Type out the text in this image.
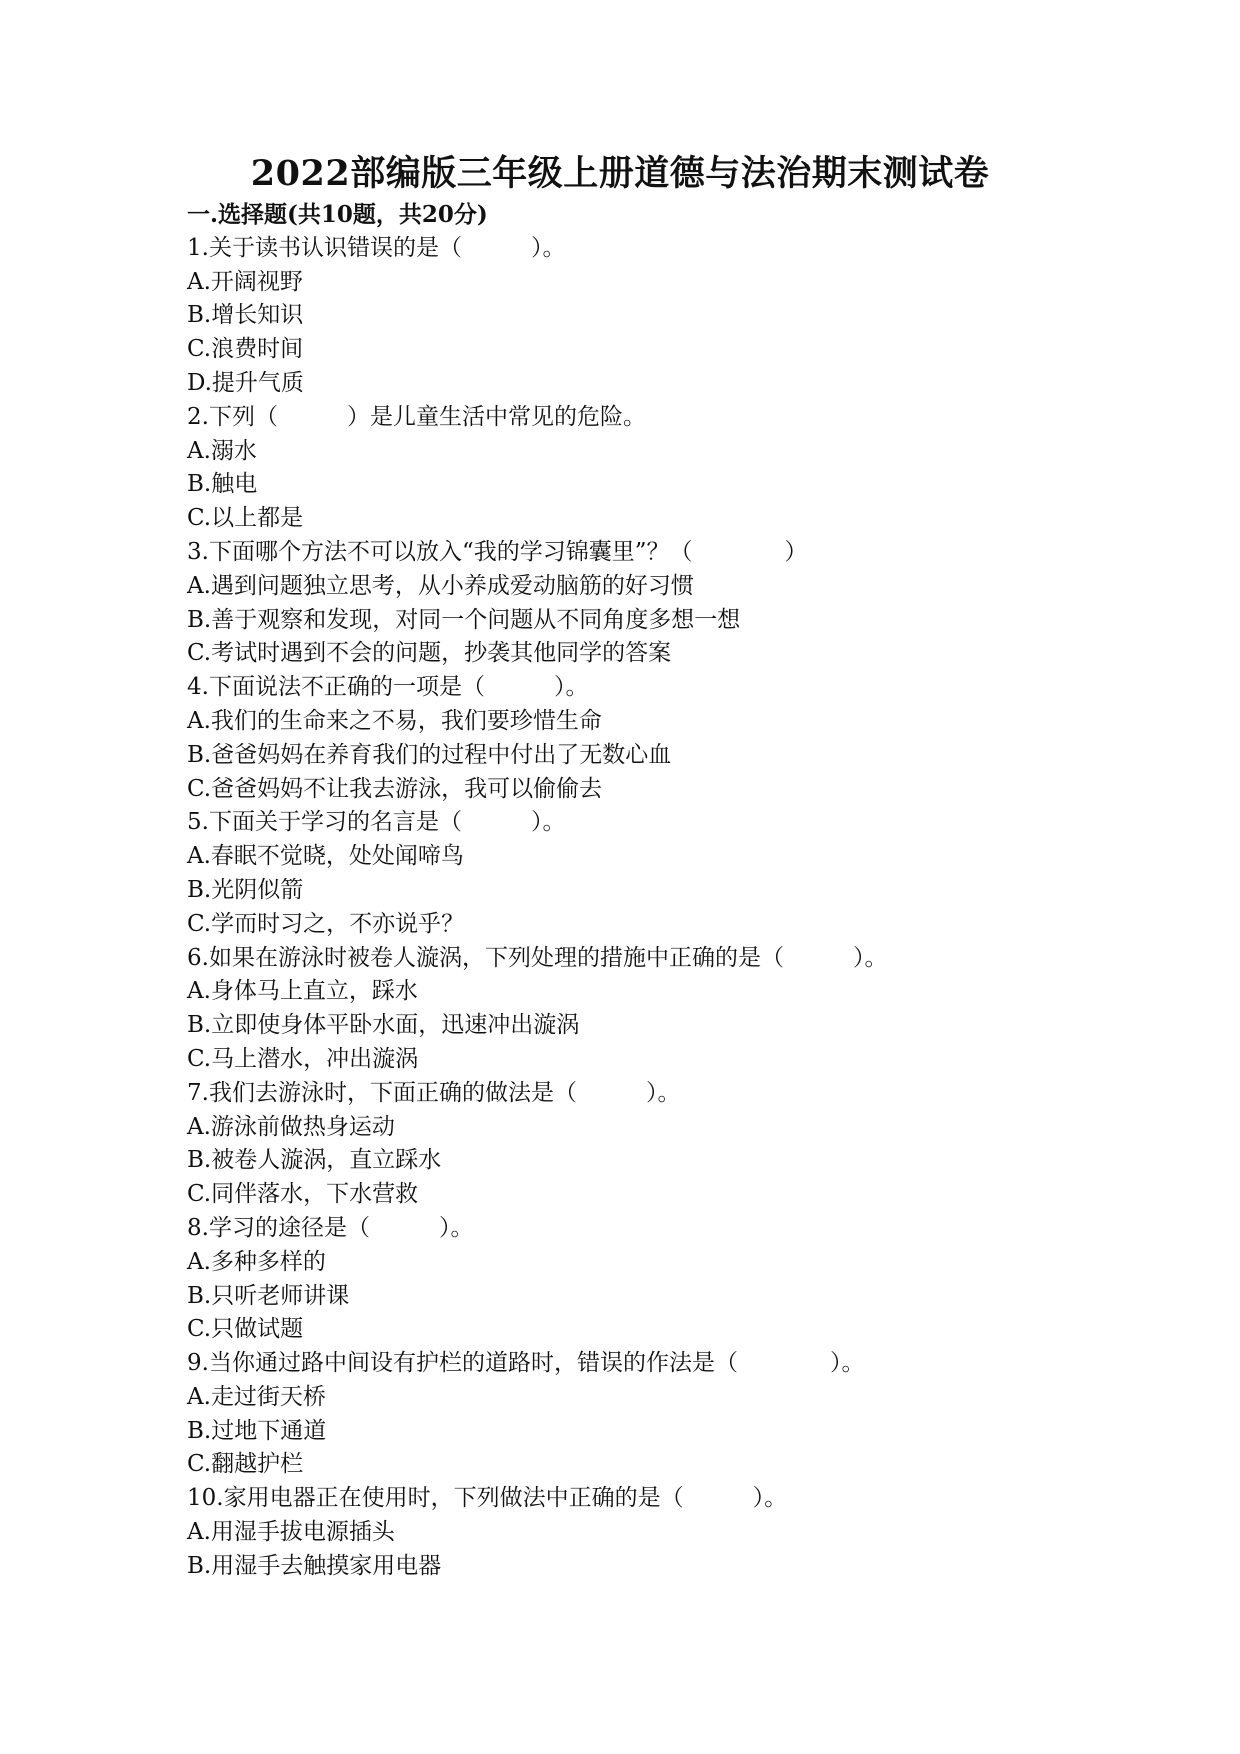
2022部编版三年级上册道德与法治期末测试卷
一.选择题(共10题，共20分)
1.关于读书认识错误的是（　　　）。
A.开阔视野
B.增长知识
C.浪费时间
D.提升气质
2.下列（　　　）是儿童生活中常见的危险。
A.溺水
B.触电
C.以上都是
3.下面哪个方法不可以放入“我的学习锦囊里”？（　　　　）
A.遇到问题独立思考，从小养成爱动脑筋的好习惯
B.善于观察和发现，对同一个问题从不同角度多想一想
C.考试时遇到不会的问题，抄袭其他同学的答案
4.下面说法不正确的一项是（　　　）。
A.我们的生命来之不易，我们要珍惜生命
B.爸爸妈妈在养育我们的过程中付出了无数心血
C.爸爸妈妈不让我去游泳，我可以偷偷去
5.下面关于学习的名言是（　　　）。
A.春眠不觉晓，处处闻啼鸟
B.光阴似箭
C.学而时习之，不亦说乎？
6.如果在游泳时被卷人漩涡，下列处理的措施中正确的是（　　　）。
A.身体马上直立，踩水
B.立即使身体平卧水面，迅速冲出漩涡
C.马上潜水，冲出漩涡
7.我们去游泳时，下面正确的做法是（　　　）。
A.游泳前做热身运动
B.被卷人漩涡，直立踩水
C.同伴落水，下水营救
8.学习的途径是（　　　）。
A.多种多样的
B.只听老师讲课
C.只做试题
9.当你通过路中间设有护栏的道路时，错误的作法是（　　　　）。
A.走过街天桥
B.过地下通道
C.翻越护栏
10.家用电器正在使用时，下列做法中正确的是（　　　）。
A.用湿手拔电源插头
B.用湿手去触摸家用电器
